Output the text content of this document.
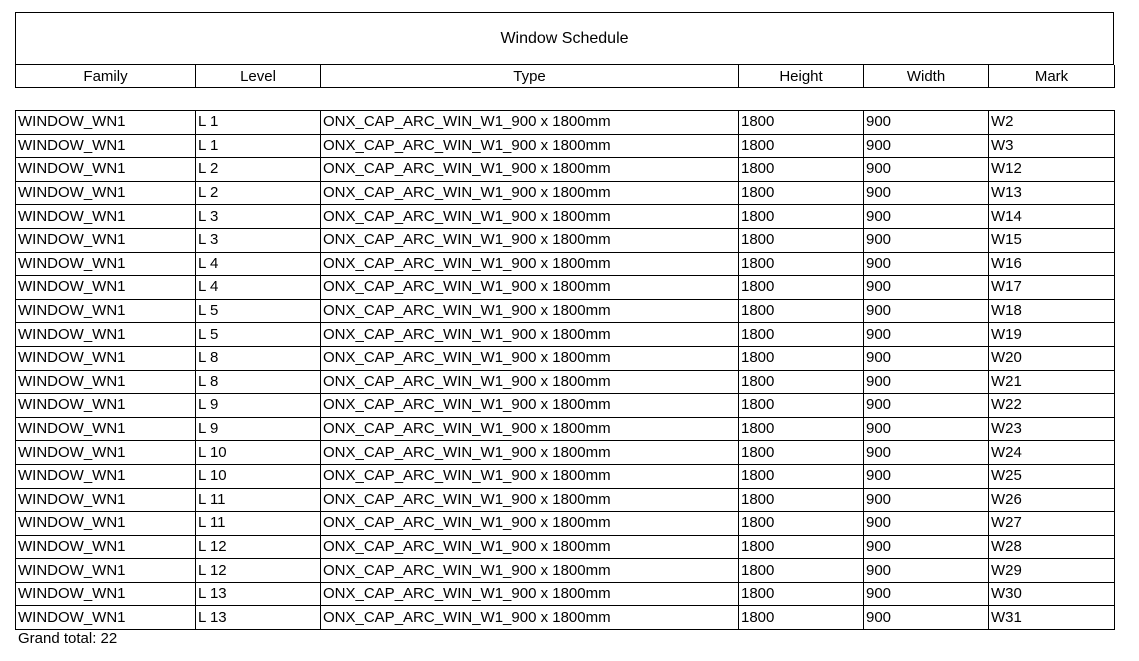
Window Schedule
Family	Level	Type	Height	Width	Mark
WINDOW_WN1	L 1	ONX_CAP_ARC_WIN_W1_900 x 1800mm	1800	900	W2
WINDOW_WN1	L 1	ONX_CAP_ARC_WIN_W1_900 x 1800mm	1800	900	W3
WINDOW_WN1	L 2	ONX_CAP_ARC_WIN_W1_900 x 1800mm	1800	900	W12
WINDOW_WN1	L 2	ONX_CAP_ARC_WIN_W1_900 x 1800mm	1800	900	W13
WINDOW_WN1	L 3	ONX_CAP_ARC_WIN_W1_900 x 1800mm	1800	900	W14
WINDOW_WN1	L 3	ONX_CAP_ARC_WIN_W1_900 x 1800mm	1800	900	W15
WINDOW_WN1	L 4	ONX_CAP_ARC_WIN_W1_900 x 1800mm	1800	900	W16
WINDOW_WN1	L 4	ONX_CAP_ARC_WIN_W1_900 x 1800mm	1800	900	W17
WINDOW_WN1	L 5	ONX_CAP_ARC_WIN_W1_900 x 1800mm	1800	900	W18
WINDOW_WN1	L 5	ONX_CAP_ARC_WIN_W1_900 x 1800mm	1800	900	W19
WINDOW_WN1	L 8	ONX_CAP_ARC_WIN_W1_900 x 1800mm	1800	900	W20
WINDOW_WN1	L 8	ONX_CAP_ARC_WIN_W1_900 x 1800mm	1800	900	W21
WINDOW_WN1	L 9	ONX_CAP_ARC_WIN_W1_900 x 1800mm	1800	900	W22
WINDOW_WN1	L 9	ONX_CAP_ARC_WIN_W1_900 x 1800mm	1800	900	W23
WINDOW_WN1	L 10	ONX_CAP_ARC_WIN_W1_900 x 1800mm	1800	900	W24
WINDOW_WN1	L 10	ONX_CAP_ARC_WIN_W1_900 x 1800mm	1800	900	W25
WINDOW_WN1	L 11	ONX_CAP_ARC_WIN_W1_900 x 1800mm	1800	900	W26
WINDOW_WN1	L 11	ONX_CAP_ARC_WIN_W1_900 x 1800mm	1800	900	W27
WINDOW_WN1	L 12	ONX_CAP_ARC_WIN_W1_900 x 1800mm	1800	900	W28
WINDOW_WN1	L 12	ONX_CAP_ARC_WIN_W1_900 x 1800mm	1800	900	W29
WINDOW_WN1	L 13	ONX_CAP_ARC_WIN_W1_900 x 1800mm	1800	900	W30
WINDOW_WN1	L 13	ONX_CAP_ARC_WIN_W1_900 x 1800mm	1800	900	W31
Grand total: 22
